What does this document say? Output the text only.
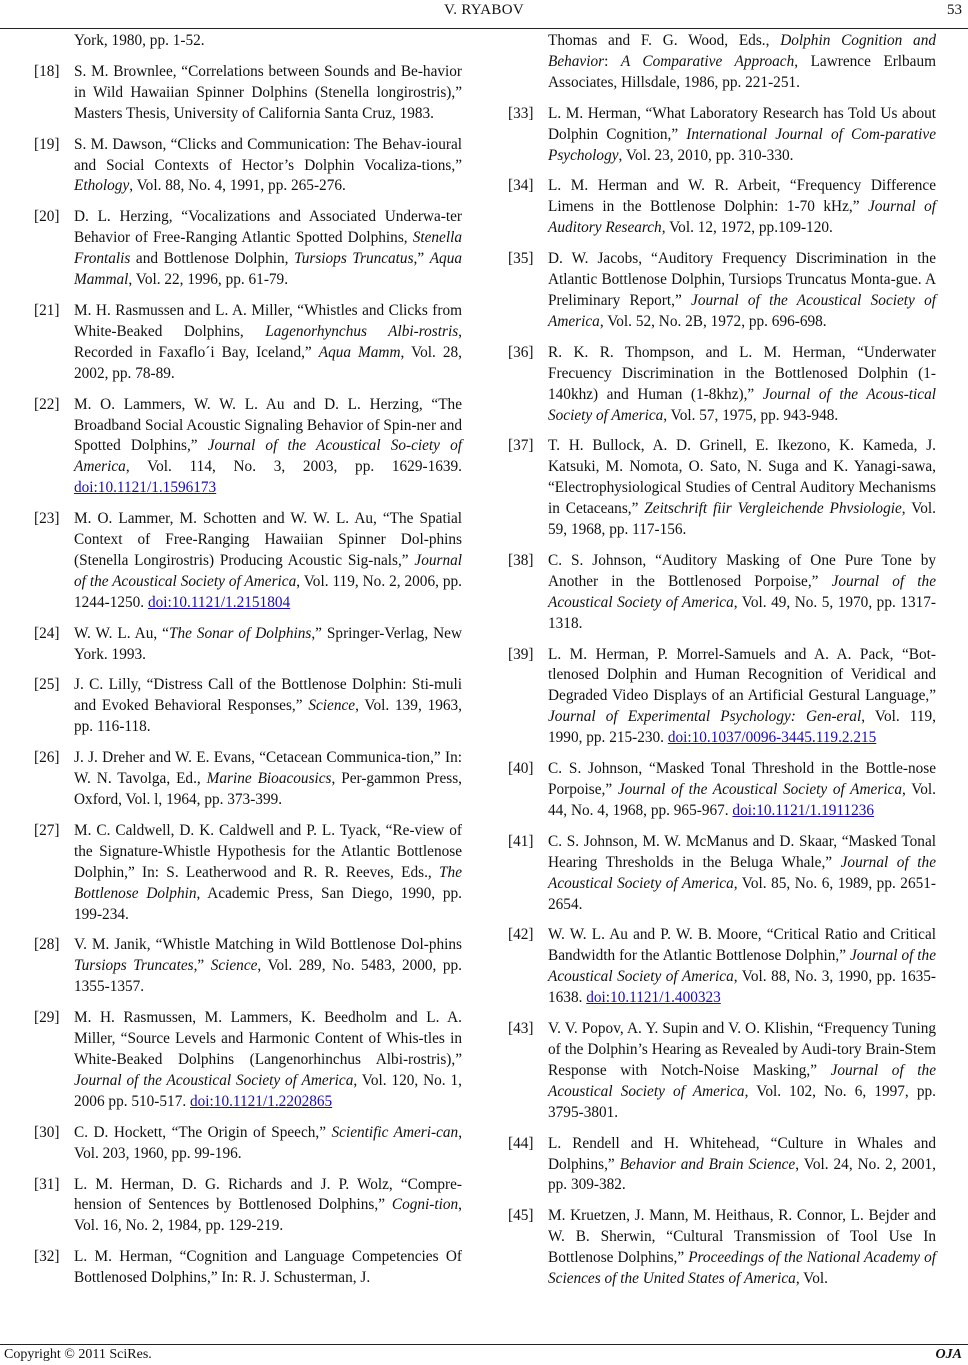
V. RYABOV	53
York, 1980, pp. 1-52.
[18] S. M. Brownlee, “Correlations between Sounds and Be-havior in Wild Hawaiian Spinner Dolphins (Stenella longirostris),” Masters Thesis, University of California Santa Cruz, 1983.
[19] S. M. Dawson, “Clicks and Communication: The Behav-ioural and Social Contexts of Hector’s Dolphin Vocaliza-tions,” Ethology, Vol. 88, No. 4, 1991, pp. 265-276.
[20] D. L. Herzing, “Vocalizations and Associated Underwa-ter Behavior of Free-Ranging Atlantic Spotted Dolphins, Stenella Frontalis and Bottlenose Dolphin, Tursiops Truncatus,” Aqua Mammal, Vol. 22, 1996, pp. 61-79.
[21] M. H. Rasmussen and L. A. Miller, “Whistles and Clicks from White-Beaked Dolphins, Lagenorhynchus Albi-rostris, Recorded in Faxaflo´i Bay, Iceland,” Aqua Mamm, Vol. 28, 2002, pp. 78-89.
[22] M. O. Lammers, W. W. L. Au and D. L. Herzing, “The Broadband Social Acoustic Signaling Behavior of Spin-ner and Spotted Dolphins,” Journal of the Acoustical So-ciety of America, Vol. 114, No. 3, 2003, pp. 1629-1639. doi:10.1121/1.1596173
[23] M. O. Lammer, M. Schotten and W. W. L. Au, “The Spatial Context of Free-Ranging Hawaiian Spinner Dol-phins (Stenella Longirostris) Producing Acoustic Sig-nals,” Journal of the Acoustical Society of America, Vol. 119, No. 2, 2006, pp. 1244-1250. doi:10.1121/1.2151804
[24] W. W. L. Au, “The Sonar of Dolphins,” Springer-Verlag, New York. 1993.
[25] J. C. Lilly, “Distress Call of the Bottlenose Dolphin: Sti-muli and Evoked Behavioral Responses,” Science, Vol. 139, 1963, pp. 116-118.
[26] J. J. Dreher and W. E. Evans, “Cetacean Communica-tion,” In: W. N. Tavolga, Ed., Marine Bioacousics, Per-gammon Press, Oxford, Vol. l, 1964, pp. 373-399.
[27] M. C. Caldwell, D. K. Caldwell and P. L. Tyack, “Re-view of the Signature-Whistle Hypothesis for the Atlantic Bottlenose Dolphin,” In: S. Leatherwood and R. R. Reeves, Eds., The Bottlenose Dolphin, Academic Press, San Diego, 1990, pp. 199-234.
[28] V. M. Janik, “Whistle Matching in Wild Bottlenose Dol-phins Tursiops Truncates,” Science, Vol. 289, No. 5483, 2000, pp. 1355-1357.
[29] M. H. Rasmussen, M. Lammers, K. Beedholm and L. A. Miller, “Source Levels and Harmonic Content of Whis-tles in White-Beaked Dolphins (Langenorhinchus Albi-rostris),” Journal of the Acoustical Society of America, Vol. 120, No. 1, 2006 pp. 510-517. doi:10.1121/1.2202865
[30] C. D. Hockett, “The Origin of Speech,” Scientific Ameri-can, Vol. 203, 1960, pp. 99-196.
[31] L. M. Herman, D. G. Richards and J. P. Wolz, “Compre-hension of Sentences by Bottlenosed Dolphins,” Cogni-tion, Vol. 16, No. 2, 1984, pp. 129-219.
[32] L. M. Herman, “Cognition and Language Competencies Of Bottlenosed Dolphins,” In: R. J. Schusterman, J.
Thomas and F. G. Wood, Eds., Dolphin Cognition and Behavior: A Comparative Approach, Lawrence Erlbaum Associates, Hillsdale, 1986, pp. 221-251.
[33] L. M. Herman, “What Laboratory Research has Told Us about Dolphin Cognition,” International Journal of Com-parative Psychology, Vol. 23, 2010, pp. 310-330.
[34] L. M. Herman and W. R. Arbeit, “Frequency Difference Limens in the Bottlenose Dolphin: 1-70 kHz,” Journal of Auditory Research, Vol. 12, 1972, pp.109-120.
[35] D. W. Jacobs, “Auditory Frequency Discrimination in the Atlantic Bottlenose Dolphin, Tursiops Truncatus Monta-gue. A Preliminary Report,” Journal of the Acoustical Society of America, Vol. 52, No. 2B, 1972, pp. 696-698.
[36] R. K. R. Thompson, and L. M. Herman, “Underwater Frecuency Discrimination in the Bottlenosed Dolphin (1-140khz) and Human (1-8khz),” Journal of the Acous-tical Society of America, Vol. 57, 1975, pp. 943-948.
[37] T. H. Bullock, A. D. Grinell, E. Ikezono, K. Kameda, J. Katsuki, M. Nomota, O. Sato, N. Suga and K. Yanagi-sawa, “Electrophysiological Studies of Central Auditory Mechanisms in Cetaceans,” Zeitschrift fiir Vergleichende Phvsiologie, Vol. 59, 1968, pp. 117-156.
[38] C. S. Johnson, “Auditory Masking of One Pure Tone by Another in the Bottlenosed Porpoise,” Journal of the Acoustical Society of America, Vol. 49, No. 5, 1970, pp. 1317-1318.
[39] L. M. Herman, P. Morrel-Samuels and A. A. Pack, “Bot-tlenosed Dolphin and Human Recognition of Veridical and Degraded Video Displays of an Artificial Gestural Language,” Journal of Experimental Psychology: Gen-eral, Vol. 119, 1990, pp. 215-230. doi:10.1037/0096-3445.119.2.215
[40] C. S. Johnson, “Masked Tonal Threshold in the Bottle-nose Porpoise,” Journal of the Acoustical Society of America, Vol. 44, No. 4, 1968, pp. 965-967. doi:10.1121/1.1911236
[41] C. S. Johnson, M. W. McManus and D. Skaar, “Masked Tonal Hearing Thresholds in the Beluga Whale,” Journal of the Acoustical Society of America, Vol. 85, No. 6, 1989, pp. 2651-2654.
[42] W. W. L. Au and P. W. B. Moore, “Critical Ratio and Critical Bandwidth for the Atlantic Bottlenose Dolphin,” Journal of the Acoustical Society of America, Vol. 88, No. 3, 1990, pp. 1635-1638. doi:10.1121/1.400323
[43] V. V. Popov, A. Y. Supin and V. O. Klishin, “Frequency Tuning of the Dolphin’s Hearing as Revealed by Audi-tory Brain-Stem Response with Notch-Noise Masking,” Journal of the Acoustical Society of America, Vol. 102, No. 6, 1997, pp. 3795-3801.
[44] L. Rendell and H. Whitehead, “Culture in Whales and Dolphins,” Behavior and Brain Science, Vol. 24, No. 2, 2001, pp. 309-382.
[45] M. Kruetzen, J. Mann, M. Heithaus, R. Connor, L. Bejder and W. B. Sherwin, “Cultural Transmission of Tool Use In Bottlenose Dolphins,” Proceedings of the National Academy of Sciences of the United States of America, Vol.
Copyright © 2011 SciRes.	OJA
